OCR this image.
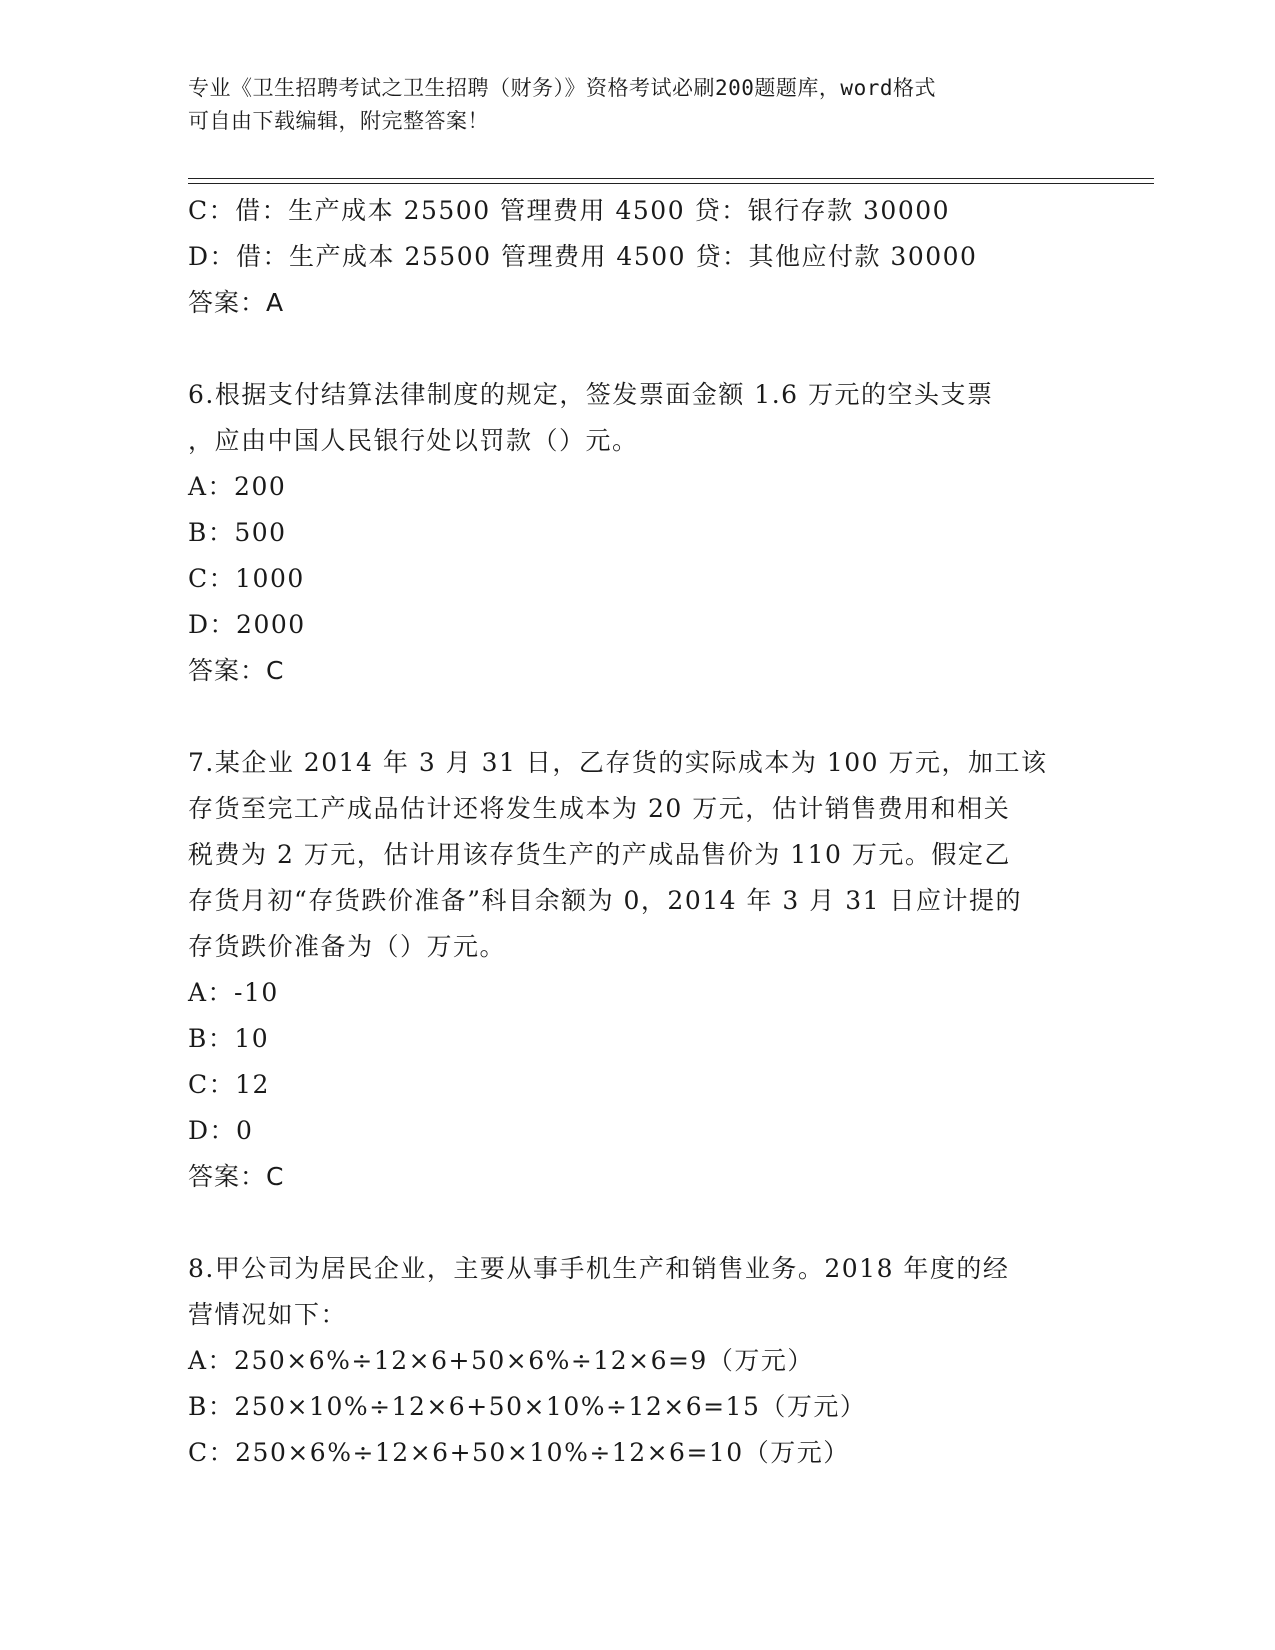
专业《卫生招聘考试之卫生招聘（财务）》资格考试必刷200题题库，word格式
可自由下载编辑，附完整答案！
C：借：生产成本 25500 管理费用 4500 贷：银行存款 30000
D：借：生产成本 25500 管理费用 4500 贷：其他应付款 30000
答案：A
6.根据支付结算法律制度的规定，签发票面金额 1.6 万元的空头支票
，应由中国人民银行处以罚款（）元。
A：200
B：500
C：1000
D：2000
答案：C
7.某企业 2014 年 3 月 31 日，乙存货的实际成本为 100 万元，加工该
存货至完工产成品估计还将发生成本为 20 万元，估计销售费用和相关
税费为 2 万元，估计用该存货生产的产成品售价为 110 万元。假定乙
存货月初“存货跌价准备”科目余额为 0，2014 年 3 月 31 日应计提的
存货跌价准备为（）万元。
A：-10
B：10
C：12
D：0
答案：C
8.甲公司为居民企业，主要从事手机生产和销售业务。2018 年度的经
营情况如下：
A：250×6%÷12×6+50×6%÷12×6=9（万元）
B：250×10%÷12×6+50×10%÷12×6=15（万元）
C：250×6%÷12×6+50×10%÷12×6=10（万元）
